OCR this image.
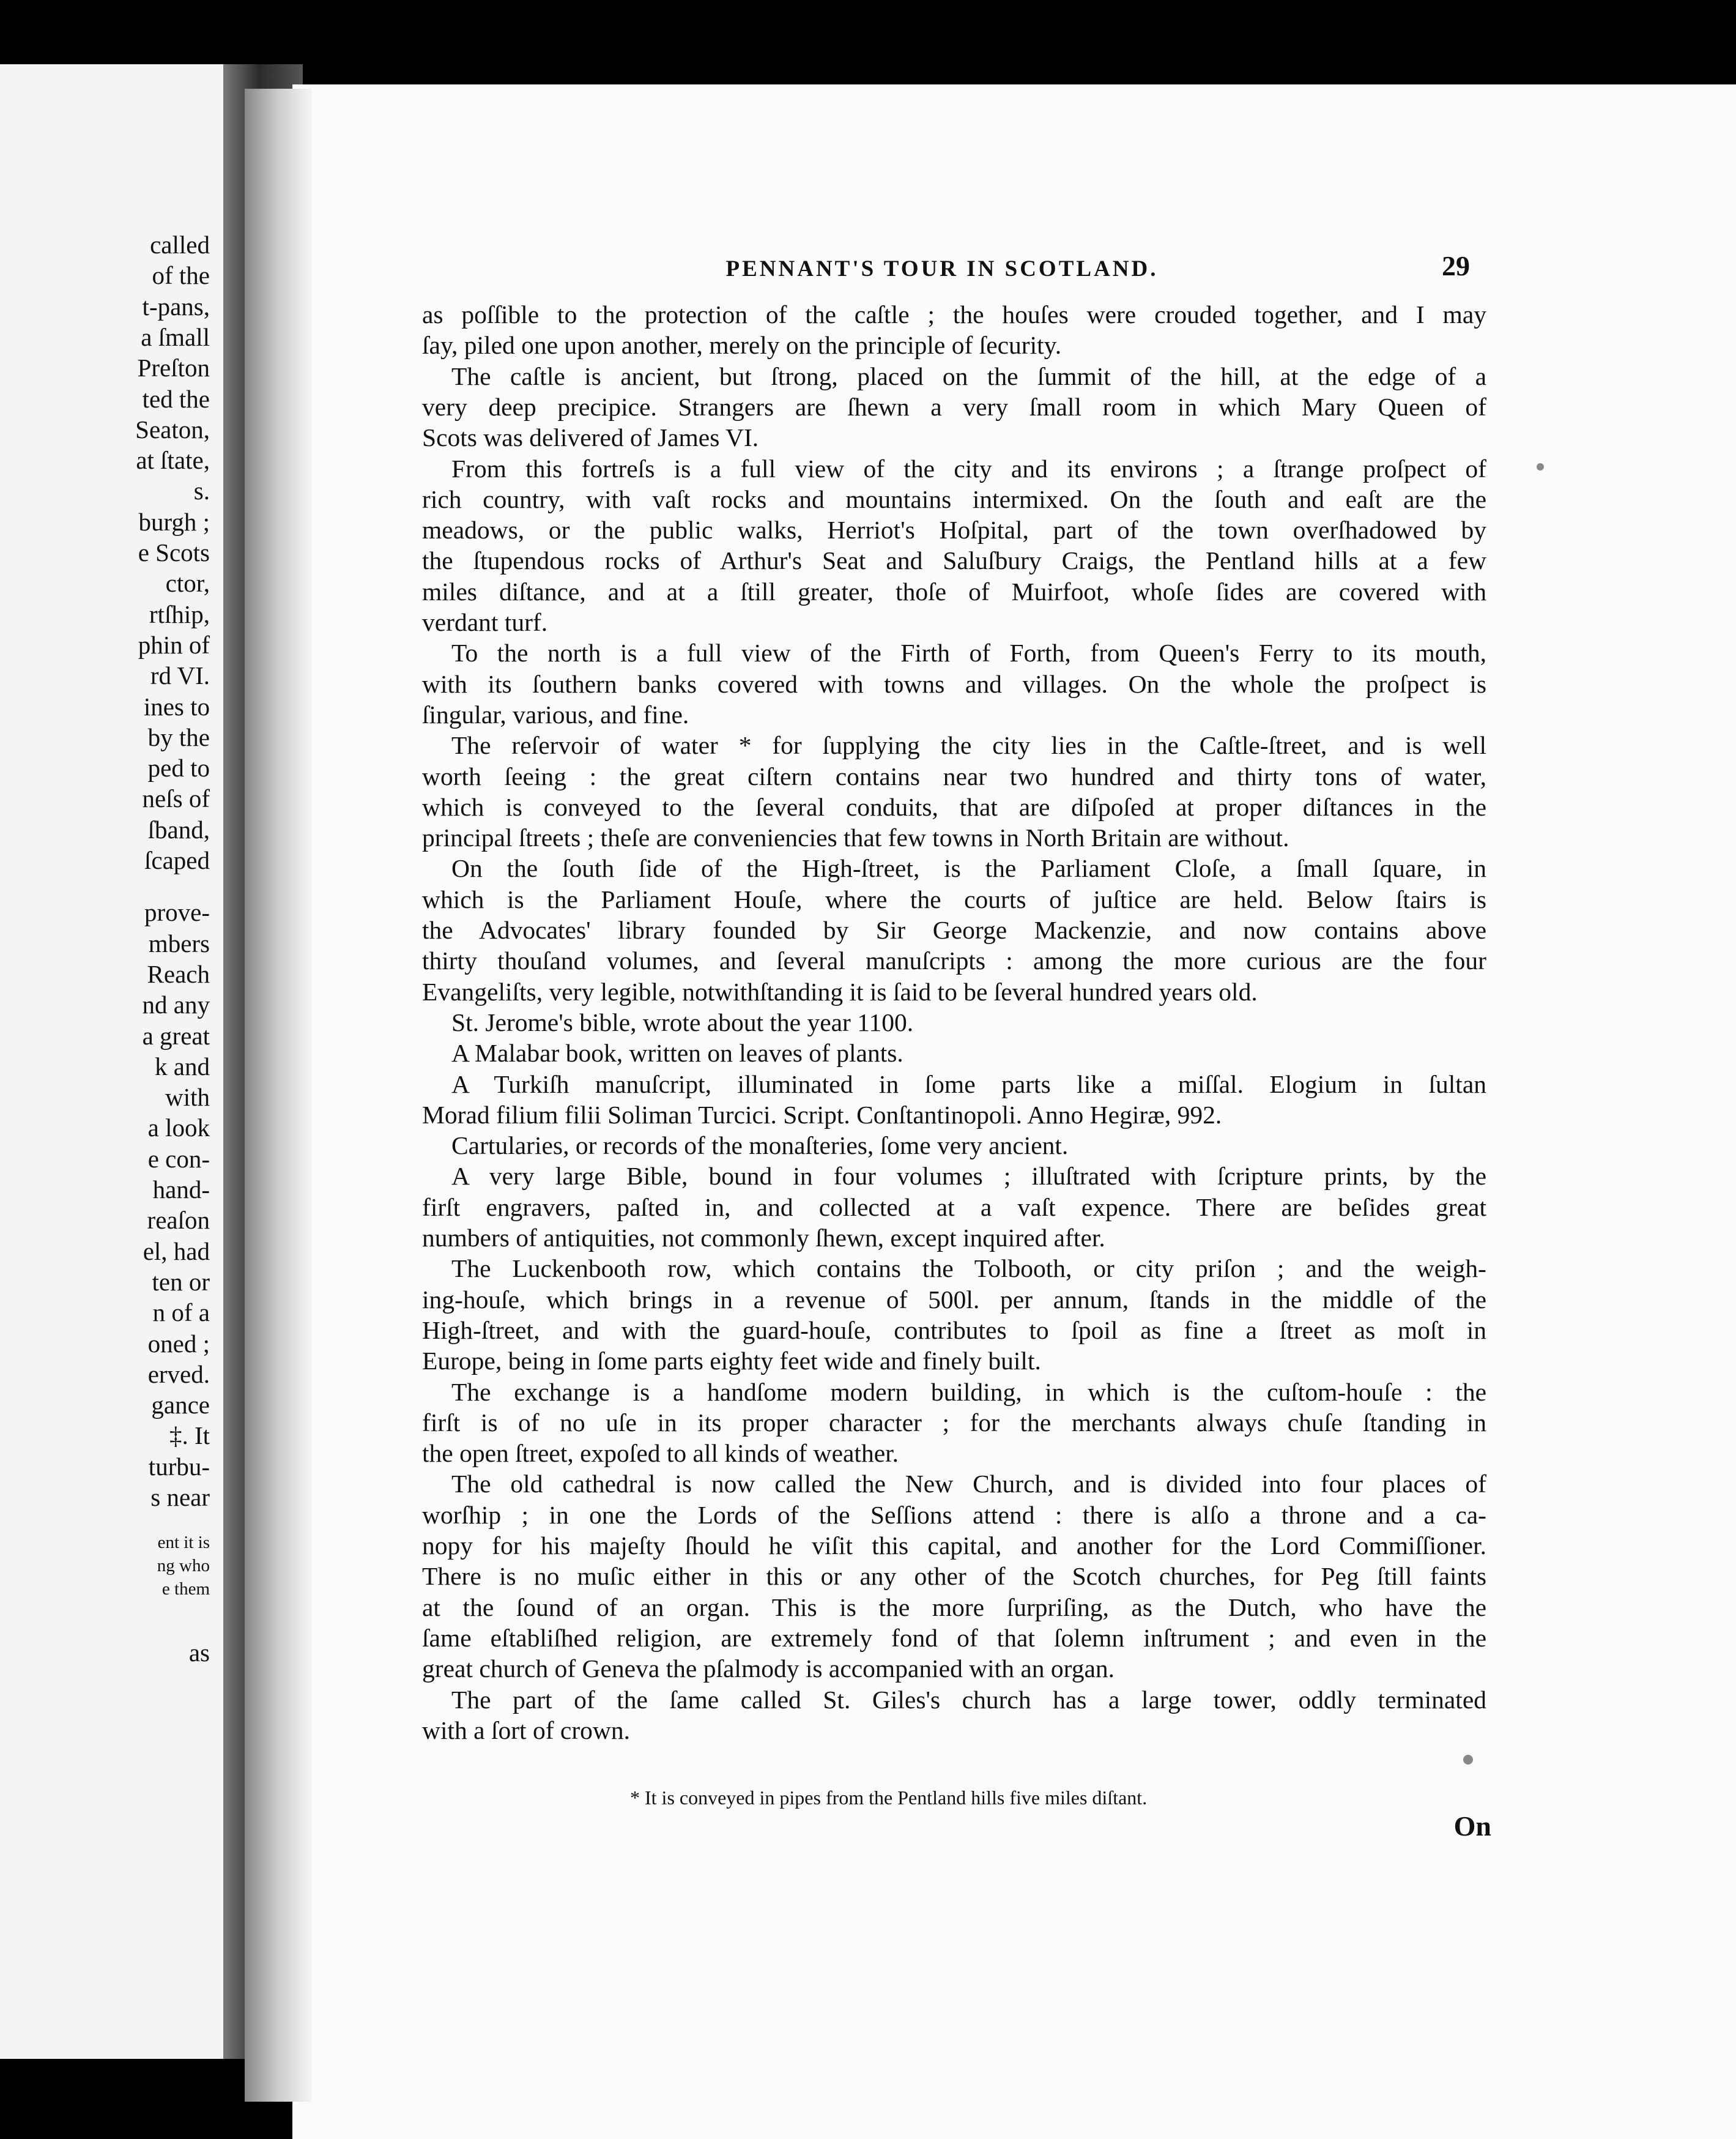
called
of the
t-pans,
a ſmall
Preſton
ted the
Seaton,
at ſtate,
s.
burgh ;
e Scots
ctor,
rtſhip,
phin of
rd VI.
ines to
by the
ped to
neſs of
ſband,
ſcaped
prove-
mbers
Reach
nd any
a great
k and
with
a look
e con-
hand-
reaſon
el, had
ten or
n of a
oned ;
erved.
gance
‡. It
turbu-
s near
ent it is
ng who
e them
as
PENNANT'S TOUR IN SCOTLAND.	29
as poſſible to the protection of the caſtle ; the houſes were crouded together, and I may
ſay, piled one upon another, merely on the principle of ſecurity.
The caſtle is ancient, but ſtrong, placed on the ſummit of the hill, at the edge of a
very deep precipice. Strangers are ſhewn a very ſmall room in which Mary Queen of
Scots was delivered of James VI.
From this fortreſs is a full view of the city and its environs ; a ſtrange proſpect of
rich country, with vaſt rocks and mountains intermixed. On the ſouth and eaſt are the
meadows, or the public walks, Herriot's Hoſpital, part of the town overſhadowed by
the ſtupendous rocks of Arthur's Seat and Saluſbury Craigs, the Pentland hills at a few
miles diſtance, and at a ſtill greater, thoſe of Muirfoot, whoſe ſides are covered with
verdant turf.
To the north is a full view of the Firth of Forth, from Queen's Ferry to its mouth,
with its ſouthern banks covered with towns and villages. On the whole the proſpect is
ſingular, various, and fine.
The reſervoir of water * for ſupplying the city lies in the Caſtle-ſtreet, and is well
worth ſeeing : the great ciſtern contains near two hundred and thirty tons of water,
which is conveyed to the ſeveral conduits, that are diſpoſed at proper diſtances in the
principal ſtreets ; theſe are conveniencies that few towns in North Britain are without.
On the ſouth ſide of the High-ſtreet, is the Parliament Cloſe, a ſmall ſquare, in
which is the Parliament Houſe, where the courts of juſtice are held. Below ſtairs is
the Advocates' library founded by Sir George Mackenzie, and now contains above
thirty thouſand volumes, and ſeveral manuſcripts : among the more curious are the four
Evangeliſts, very legible, notwithſtanding it is ſaid to be ſeveral hundred years old.
St. Jerome's bible, wrote about the year 1100.
A Malabar book, written on leaves of plants.
A Turkiſh manuſcript, illuminated in ſome parts like a miſſal. Elogium in ſultan
Morad filium filii Soliman Turcici. Script. Conſtantinopoli. Anno Hegiræ, 992.
Cartularies, or records of the monaſteries, ſome very ancient.
A very large Bible, bound in four volumes ; illuſtrated with ſcripture prints, by the
firſt engravers, paſted in, and collected at a vaſt expence. There are beſides great
numbers of antiquities, not commonly ſhewn, except inquired after.
The Luckenbooth row, which contains the Tolbooth, or city priſon ; and the weigh-
ing-houſe, which brings in a revenue of 500l. per annum, ſtands in the middle of the
High-ſtreet, and with the guard-houſe, contributes to ſpoil as fine a ſtreet as moſt in
Europe, being in ſome parts eighty feet wide and finely built.
The exchange is a handſome modern building, in which is the cuſtom-houſe : the
firſt is of no uſe in its proper character ; for the merchants always chuſe ſtanding in
the open ſtreet, expoſed to all kinds of weather.
The old cathedral is now called the New Church, and is divided into four places of
worſhip ; in one the Lords of the Seſſions attend : there is alſo a throne and a ca-
nopy for his majeſty ſhould he viſit this capital, and another for the Lord Commiſſioner.
There is no muſic either in this or any other of the Scotch churches, for Peg ſtill faints
at the ſound of an organ. This is the more ſurpriſing, as the Dutch, who have the
ſame eſtabliſhed religion, are extremely fond of that ſolemn inſtrument ; and even in the
great church of Geneva the pſalmody is accompanied with an organ.
The part of the ſame called St. Giles's church has a large tower, oddly terminated
with a ſort of crown.
* It is conveyed in pipes from the Pentland hills five miles diſtant.
On
